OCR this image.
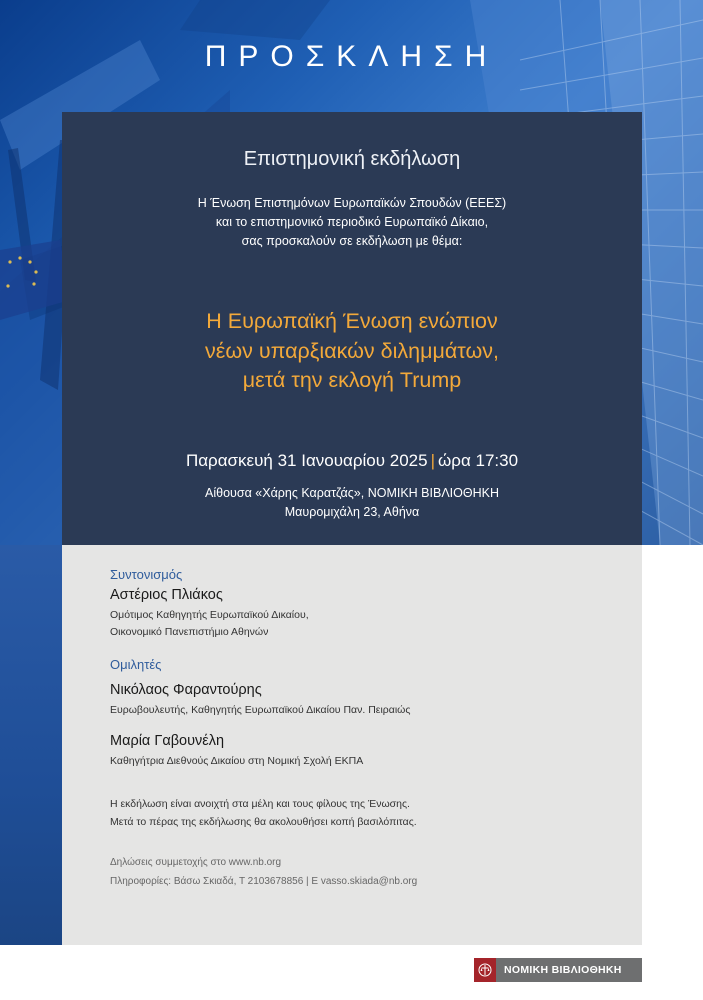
ΠΡΟΣΚΛΗΣΗ
Επιστημονική εκδήλωση
Η Ένωση Επιστημόνων Ευρωπαϊκών Σπουδών (ΕΕΕΣ)
και το επιστημονικό περιοδικό Ευρωπαϊκό Δίκαιο,
σας προσκαλούν σε εκδήλωση με θέμα:
Η Ευρωπαϊκή Ένωση ενώπιον
νέων υπαρξιακών διλημμάτων,
μετά την εκλογή Trump
Παρασκευή 31 Ιανουαρίου 2025 | ώρα 17:30
Αίθουσα «Χάρης Καρατζάς», ΝΟΜΙΚΗ ΒΙΒΛΙΟΘΗΚΗ
Μαυρομιχάλη 23, Αθήνα

Συντονισμός

Αστέριος Πλιάκος

Ομότιμος Καθηγητής Ευρωπαϊκού Δικαίου,
Οικονομικό Πανεπιστήμιο Αθηνών

Ομιλητές

Νικόλαος Φαραντούρης

Ευρωβουλευτής, Καθηγητής Ευρωπαϊκού Δικαίου Παν. Πειραιώς

Μαρία Γαβουνέλη

Καθηγήτρια Διεθνούς Δικαίου στη Νομική Σχολή ΕΚΠΑ

Η εκδήλωση είναι ανοιχτή στα μέλη και τους φίλους της Ένωσης.
Μετά το πέρας της εκδήλωσης θα ακολουθήσει κοπή βασιλόπιτας.
Δηλώσεις συμμετοχής στο www.nb.org
Πληροφορίες: Βάσω Σκιαδά, Τ 2103678856 | Ε vasso.skiada@nb.org
ΝΟΜΙΚΗ ΒΙΒΛΙΟΘΗΚΗ
